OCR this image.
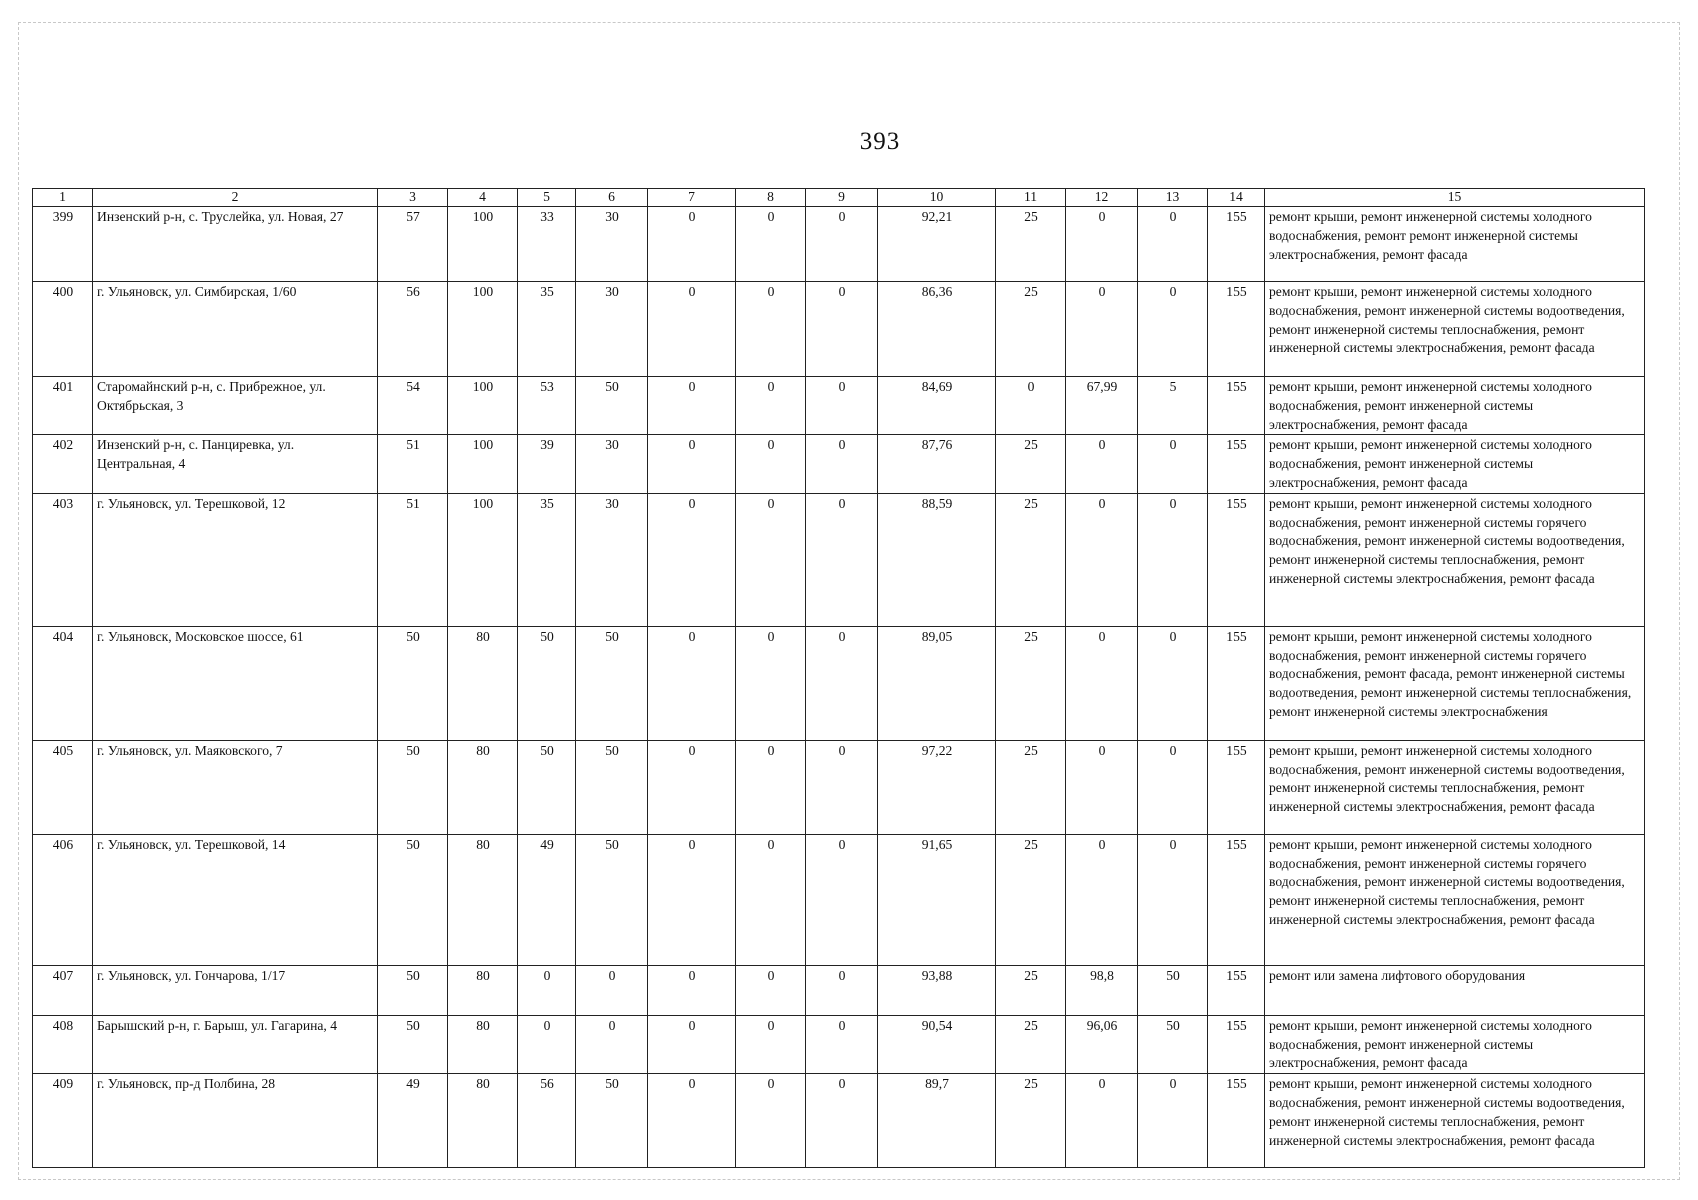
393
1	2	3	4	5	6	7	8	9	10	11	12	13	14	15
399	Инзенский р-н, с. Труслейка, ул. Новая, 27	57	100	33	30	0	0	0	92,21	25	0	0	155	ремонт крыши, ремонт инженерной системы холодного водоснабжения, ремонт ремонт инженерной системы электроснабжения, ремонт фасада
400	г. Ульяновск, ул. Симбирская, 1/60	56	100	35	30	0	0	0	86,36	25	0	0	155	ремонт крыши, ремонт инженерной системы холодного водоснабжения, ремонт инженерной системы водоотведения, ремонт инженерной системы теплоснабжения, ремонт инженерной системы электроснабжения, ремонт фасада
401	Старомайнский р-н, с. Прибрежное, ул. Октябрьская, 3	54	100	53	50	0	0	0	84,69	0	67,99	5	155	ремонт крыши, ремонт инженерной системы холодного водоснабжения, ремонт инженерной системы электроснабжения, ремонт фасада
402	Инзенский р-н, с. Панциревка, ул. Центральная, 4	51	100	39	30	0	0	0	87,76	25	0	0	155	ремонт крыши, ремонт инженерной системы холодного водоснабжения, ремонт инженерной системы электроснабжения, ремонт фасада
403	г. Ульяновск, ул. Терешковой, 12	51	100	35	30	0	0	0	88,59	25	0	0	155	ремонт крыши, ремонт инженерной системы холодного водоснабжения, ремонт инженерной системы горячего водоснабжения, ремонт инженерной системы водоотведения, ремонт инженерной системы теплоснабжения, ремонт инженерной системы электроснабжения, ремонт фасада
404	г. Ульяновск, Московское шоссе, 61	50	80	50	50	0	0	0	89,05	25	0	0	155	ремонт крыши, ремонт инженерной системы холодного водоснабжения, ремонт инженерной системы горячего водоснабжения, ремонт фасада, ремонт инженерной системы водоотведения, ремонт инженерной системы теплоснабжения, ремонт инженерной системы электроснабжения
405	г. Ульяновск, ул. Маяковского, 7	50	80	50	50	0	0	0	97,22	25	0	0	155	ремонт крыши, ремонт инженерной системы холодного водоснабжения, ремонт инженерной системы водоотведения, ремонт инженерной системы теплоснабжения, ремонт инженерной системы электроснабжения, ремонт фасада
406	г. Ульяновск, ул. Терешковой, 14	50	80	49	50	0	0	0	91,65	25	0	0	155	ремонт крыши, ремонт инженерной системы холодного водоснабжения, ремонт инженерной системы горячего водоснабжения, ремонт инженерной системы водоотведения, ремонт инженерной системы теплоснабжения, ремонт инженерной системы электроснабжения, ремонт фасада
407	г. Ульяновск, ул. Гончарова, 1/17	50	80	0	0	0	0	0	93,88	25	98,8	50	155	ремонт или замена лифтового оборудования
408	Барышский р-н, г. Барыш, ул. Гагарина, 4	50	80	0	0	0	0	0	90,54	25	96,06	50	155	ремонт крыши, ремонт инженерной системы холодного водоснабжения, ремонт инженерной системы электроснабжения, ремонт фасада
409	г. Ульяновск, пр-д Полбина, 28	49	80	56	50	0	0	0	89,7	25	0	0	155	ремонт крыши, ремонт инженерной системы холодного водоснабжения, ремонт инженерной системы водоотведения, ремонт инженерной системы теплоснабжения, ремонт инженерной системы электроснабжения, ремонт фасада
